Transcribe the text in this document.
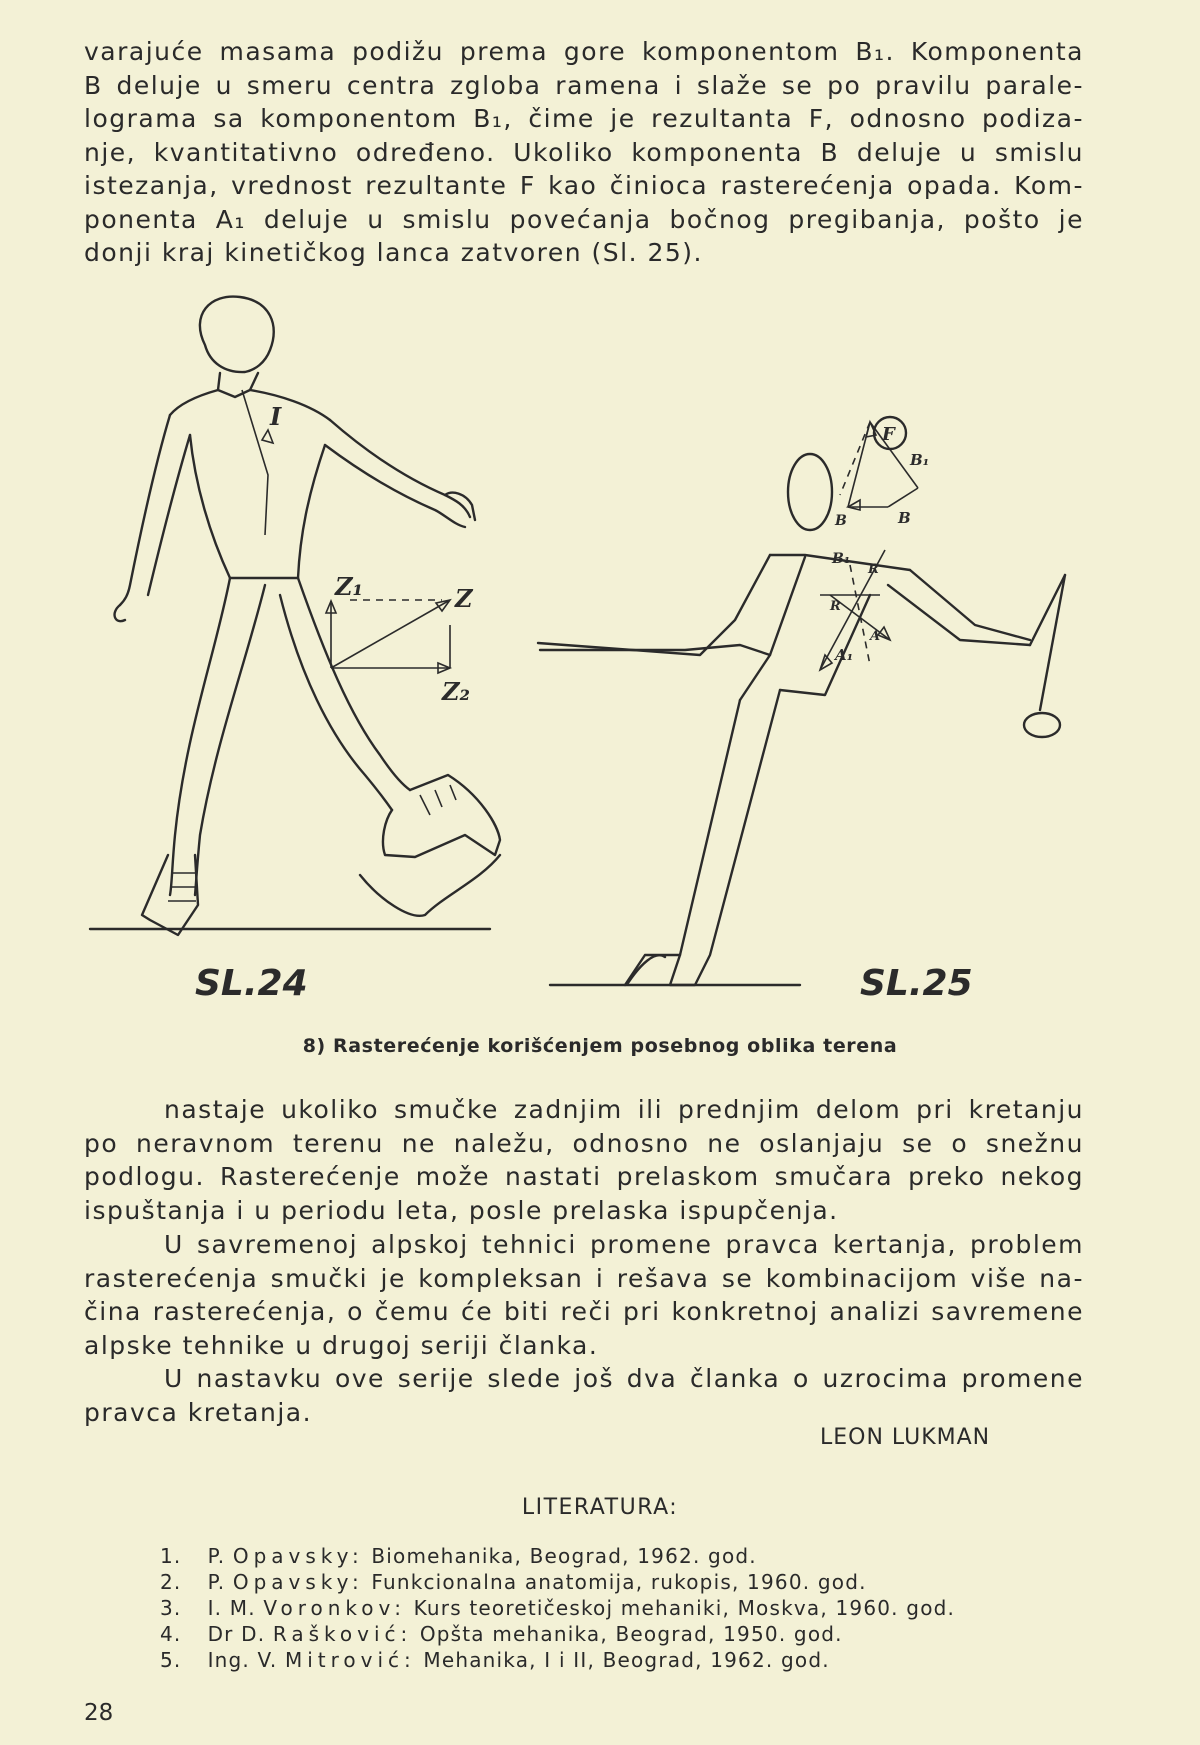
varajuće masama podižu prema gore komponentom B₁. Komponenta
B deluje u smeru centra zgloba ramena i slaže se po pravilu parale-
lograma sa komponentom B₁, čime je rezultanta F, odnosno podiza-
nje, kvantitativno određeno. Ukoliko komponenta B deluje u smislu
istezanja, vrednost rezultante F kao činioca rasterećenja opada. Kom-
ponenta A₁ deluje u smislu povećanja bočnog pregibanja, pošto je
donji kraj kinetičkog lanca zatvoren (Sl. 25).
I
Z₁	Z
Z₂
SL.24
F
B₁
B	B
B₁
R
R
A
A₁
SL.25
8) Rasterećenje korišćenjem posebnog oblika terena
nastaje ukoliko smučke zadnjim ili prednjim delom pri kretanju
po neravnom terenu ne naležu, odnosno ne oslanjaju se o snežnu
podlogu. Rasterećenje može nastati prelaskom smučara preko nekog
ispuštanja i u periodu leta, posle prelaska ispupčenja.
U savremenoj alpskoj tehnici promene pravca kertanja, problem
rasterećenja smučki je kompleksan i rešava se kombinacijom više na-
čina rasterećenja, o čemu će biti reči pri konkretnoj analizi savremene
alpske tehnike u drugoj seriji članka.
U nastavku ove serije slede još dva članka o uzrocima promene
pravca kretanja.
LEON LUKMAN
LITERATURA:
1. P. Opavsky: Biomehanika, Beograd, 1962. god.
2. P. Opavsky: Funkcionalna anatomija, rukopis, 1960. god.
3. I. M. Voronkov: Kurs teoretičeskoj mehaniki, Moskva, 1960. god.
4. Dr D. Rašković: Opšta mehanika, Beograd, 1950. god.
5. Ing. V. Mitrović: Mehanika, I i II, Beograd, 1962. god.
28
